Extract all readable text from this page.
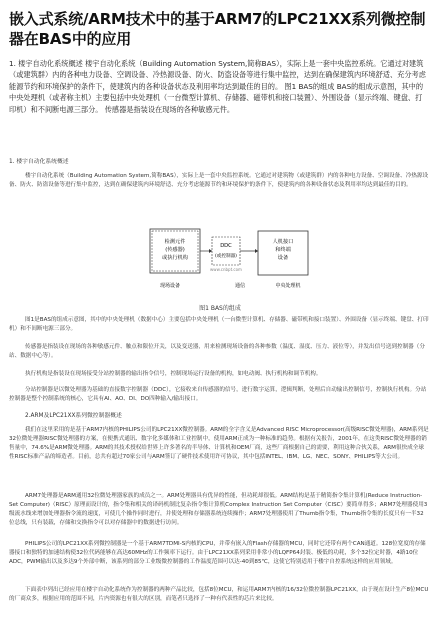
嵌入式系统/ARM技术中的基于ARM7的LPC21XX系列微控制器在BAS中的应用
1. 楼宇自动化系统概述 楼宇自动化系统（Building Automation System,简称BAS），实际上是一套中央监控系统。它通过对建筑（或建筑群）内的各种电力设备、空调设备、冷热源设备、防火、防盗设备等进行集中监控，达到在确保建筑内环境舒适、充分考虑能源节约和环境保护的条件下，使建筑内的各种设备状态及利用率均达到最佳的目的。 图1 BAS的组成 BAS的组成示意图，其中的中央处理机（或者称主机）主要包括中央处理机（一台微型计算机、存储器、磁带机和接口装置）、外围设备（显示终端、键盘、打印机）和不间断电源三部分。 传感器是指装设在现场的各种敏感元件。
1. 楼宇自动化系统概述
楼宇自动化系统（Building Automation System,简称BAS），实际上是一套中央监控系统。它通过对建筑物（或建筑群）内的各种电力设备、空调设备、冷热源设备、防火、防盗设备等进行集中监控，达到在确保建筑内环境舒适、充分考虑能源节约和环境保护的条件下，使建筑内的各种设备状态及利用率均达到最佳的目的。
检测元件
(传感器)
或执行机构
DDC
(或控制器)
www.cnbpt.com
人机接口
和终端
设备
现场设备	通信	中央处理机
图1 BAS的组成
图1是BAS的组成示意图，其中的中央处理机（数据中心）主要包括中央处理机（一台微型计算机、存储器、磁带机和接口装置）、外围设备（显示终端、键盘、打印机）和不间断电源三部分。
传感器是指装设在现场的各种敏感元件、触点和限位开关，以及变送器，用来检测现场设备的各种参数（温度、湿度、压力、液位等），并发出信号送到控制器（分站、数据中心等）。
执行机构是指装设在现场接受分站控制器的输出指令信号，控制现场运行设备的机构，如电动阀、执行机构和调节机构。
分站控制器是以微处理器为基础的直接数字控制器（DDC），它接收来自传感器的信号，进行数字运算，逻辑判断，处理后自动输出控制信号，控制执行机构。分站控制器是整个控制系统的核心，它具有AI、AO、DI、DO四种输入/输出接口。
2.ARM及LPC21XX系列微控制器概述
我们在这里采用的是基于ARM7内核的PHILIPS公司的LPC21XX微控制器。ARM的全字含义是Advanced RISC Microprocessor(高级RISC微处理器)，ARM系列是32位微处理器RISC微处理器的方案，在便携式通讯、数字化多媒体和工业控制中，使用ARM正成为一种标准的趋势。根据有关报告，2001年，在这类RISC微处理器的销售量中，74.6%是ARM微处理器。ARM的其技术授权给世界上许多著名的半导体、计算机和OEM厂商，这些厂商根据自己的需要，利用这种合伙关系，ARM很快成全球性RISC标准产品的缔造者。目前，总共有超过70家公司与ARM签订了硬件技术使用许可协议，其中包括INTEL、IBM、LG、NEC、SONY、PHILIPS等大公司。
ARM7处理器是ARM通用32位微处理器家族的成员之一。ARM处理器具有优异的性能，但功耗却很低。ARM结构是基于精简指令集计算机(Reduce Instruction-Set Computer)（RISC）原理而设计的，指令集和相关的译码机制比复杂指令集计算机Complex Instruction Set Computer（CISC）要简单得多；ARM7处理器使用3级流水线来增加处理器指令流的速度，可使几个操作同时进行，并使处理和存储器系统连续操作；ARM7处理器使用了Thumb指令集，Thumb指令集的长度只有一半32位总线，只有装载，存储和交换指令可以对存储器中的数据进行访问。
PHILIPS公司的LPC21XX系列微控制器是一个基于ARM7TDMI-S内核的CPU，并带有嵌入的Flash存储器的MCU，同时它还带有两个CAN通道。128位宽度的存储器接口和独特的加速结构使32位代码能够在高达60MHz的工作频率下运行。由于LPC21XX系列采用非常小的LQFP64封装、极低的功耗，多个32位定时器，4路10位ADC，PWM输出以及多达9个外部中断，该系列的部分工业级微控制器的工作温度范围可以达-40到85℃，这使它特别适用于楼宇自控系统这样的应用领域。
下面表中列出已经应用在楼宇自动化系统作为控制器的两种产品比较，包括8位MCU，和运用ARM7内核的16/32位微控制器LPC21XX，由于现在设计生产8位MCU的厂商众多，根据应用的范围不同，片内资源也有很大的区别，而笔者只选择了一种有代表性的芯片来比较。
